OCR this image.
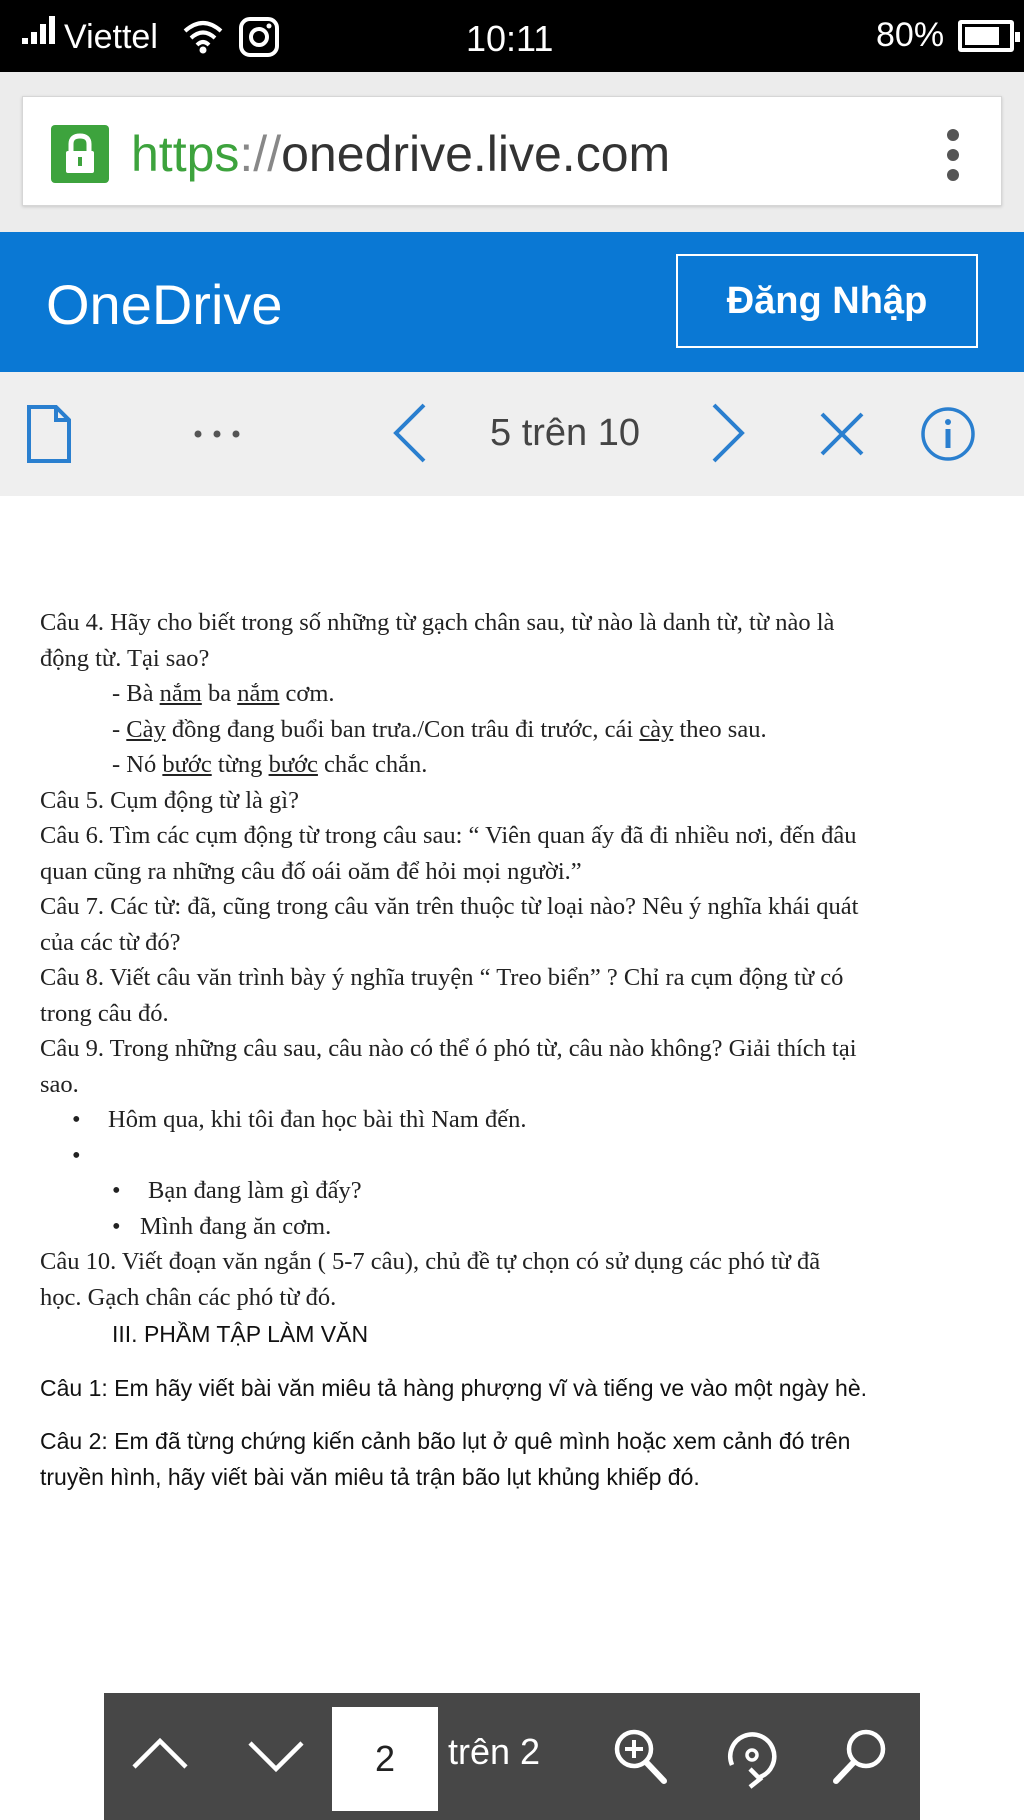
Viettel	10:11	80%
https://onedrive.live.com
OneDrive	Đăng Nhập
5 trên 10

Câu 4. Hãy cho biết trong số những từ gạch chân sau, từ nào là danh từ, từ nào là

động từ. Tại sao?

- Bà nắm ba nắm cơm.

- Cày đồng đang buổi ban trưa./Con trâu đi trước, cái cày theo sau.

- Nó bước từng bước chắc chắn.

Câu 5. Cụm động từ là gì?

Câu 6. Tìm các cụm động từ trong câu sau: “ Viên quan ấy đã đi nhiều nơi, đến đâu

quan cũng ra những câu đố oái oăm để hỏi mọi người.”

Câu 7. Các từ: đã, cũng trong câu văn trên thuộc từ loại nào? Nêu ý nghĩa khái quát

của các từ đó?

Câu 8. Viết câu văn trình bày ý nghĩa truyện “ Treo biển” ? Chỉ ra cụm động từ có

trong câu đó.

Câu 9. Trong những câu sau, câu nào có thể ó phó từ, câu nào không? Giải thích tại

sao.

• Hôm qua, khi tôi đan học bài thì Nam đến.

•

• Bạn đang làm gì đấy?

• Mình đang ăn cơm.

Câu 10. Viết đoạn văn ngắn ( 5-7 câu), chủ đề tự chọn có sử dụng các phó từ đã

học. Gạch chân các phó từ đó.

III. PHẦM TẬP LÀM VĂN

Câu 1: Em hãy viết bài văn miêu tả hàng phượng vĩ và tiếng ve vào một ngày hè.

Câu 2: Em đã từng chứng kiến cảnh bão lụt ở quê mình hoặc xem cảnh đó trên

truyền hình, hãy viết bài văn miêu tả trận bão lụt khủng khiếp đó.

2
trên 2
